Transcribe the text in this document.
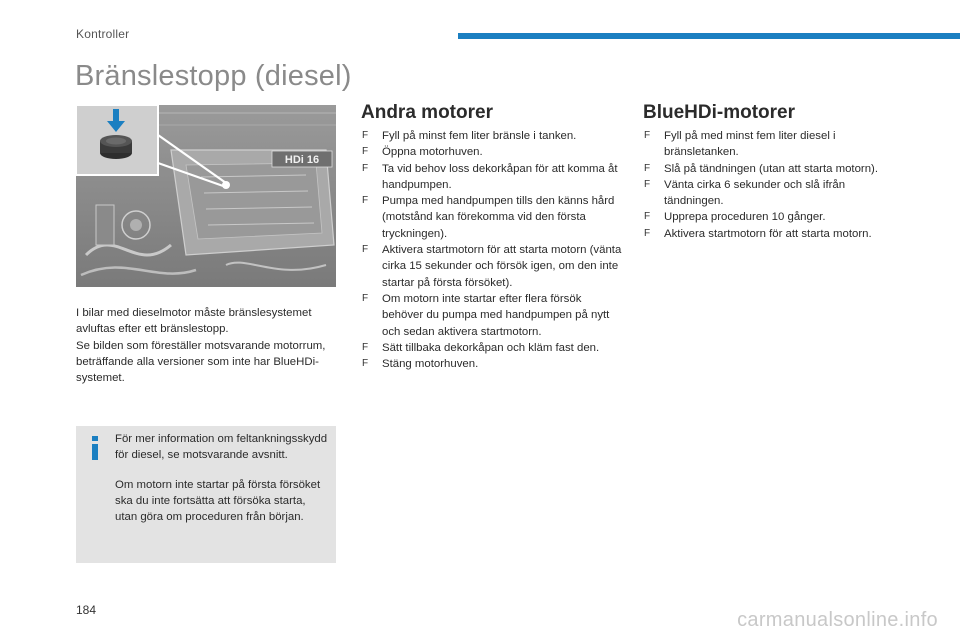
Kontroller
Bränslestopp (diesel)
HDi 16

I bilar med dieselmotor måste bränslesystemet avluftas efter ett bränslestopp.

Se bilden som föreställer motsvarande motorrum, beträffande alla versioner som inte har BlueHDi-systemet.

För mer information om feltankningsskydd för diesel, se motsvarande avsnitt.

Om motorn inte startar på första försöket ska du inte fortsätta att försöka starta, utan göra om proceduren från början.

Andra motorer
F Fyll på minst fem liter bränsle i tanken.
F Öppna motorhuven.
F Ta vid behov loss dekorkåpan för att komma åt handpumpen.
F Pumpa med handpumpen tills den känns hård (motstånd kan förekomma vid den första tryckningen).
F Aktivera startmotorn för att starta motorn (vänta cirka 15 sekunder och försök igen, om den inte startar på första försöket).
F Om motorn inte startar efter flera försök behöver du pumpa med handpumpen på nytt och sedan aktivera startmotorn.
F Sätt tillbaka dekorkåpan och kläm fast den.
F Stäng motorhuven.
BlueHDi-motorer
F Fyll på med minst fem liter diesel i bränsletanken.
F Slå på tändningen (utan att starta motorn).
F Vänta cirka 6 sekunder och slå ifrån tändningen.
F Upprepa proceduren 10 gånger.
F Aktivera startmotorn för att starta motorn.
184	carmanualsonline.info
